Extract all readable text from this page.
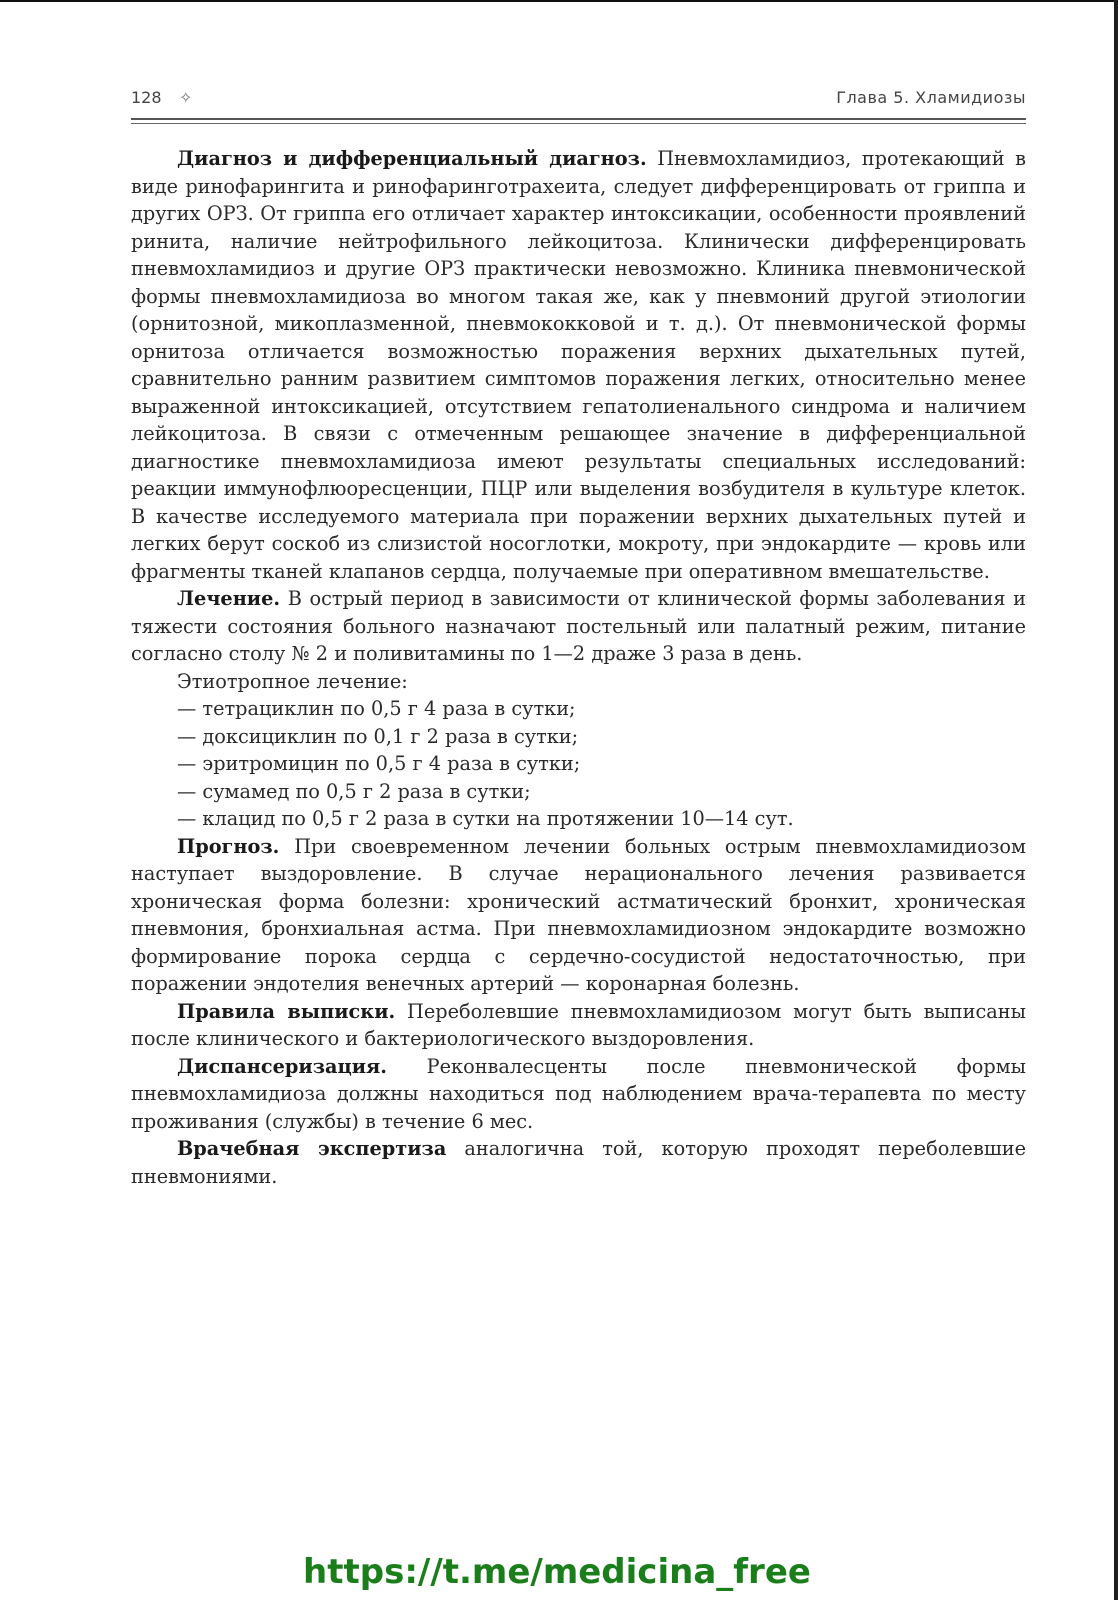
128 ✧	Глава 5. Хламидиозы

Диагноз и дифференциальный диагноз. Пневмохламидиоз, протекающий в виде ринофарингита и ринофаринготрахеита, следует дифференцировать от гриппа и других ОРЗ. От гриппа его отличает характер интоксикации, особенности проявлений ринита, наличие нейтрофильного лейкоцитоза. Клинически дифференцировать пневмохламидиоз и другие ОРЗ практически невозможно. Клиника пневмонической формы пневмохламидиоза во многом такая же, как у пневмоний другой этиологии (орнитозной, микоплазменной, пневмококковой и т. д.). От пневмонической формы орнитоза отличается возможностью поражения верхних дыхательных путей, сравнительно ранним развитием симптомов поражения легких, относительно менее выраженной интоксикацией, отсутствием гепатолиенального синдрома и наличием лейкоцитоза. В связи с отмеченным решающее значение в дифференциальной диагностике пневмохламидиоза имеют результаты специальных исследований: реакции иммунофлюоресценции, ПЦР или выделения возбудителя в культуре клеток. В качестве исследуемого материала при поражении верхних дыхательных путей и легких берут соскоб из слизистой носоглотки, мокроту, при эндокардите — кровь или фрагменты тканей клапанов сердца, получаемые при оперативном вмешательстве.

Лечение. В острый период в зависимости от клинической формы заболевания и тяжести состояния больного назначают постельный или палатный режим, питание согласно столу № 2 и поливитамины по 1—2 драже 3 раза в день.

Этиотропное лечение:

— тетрациклин по 0,5 г 4 раза в сутки;

— доксициклин по 0,1 г 2 раза в сутки;

— эритромицин по 0,5 г 4 раза в сутки;

— сумамед по 0,5 г 2 раза в сутки;

— клацид по 0,5 г 2 раза в сутки на протяжении 10—14 сут.

Прогноз. При своевременном лечении больных острым пневмохламидиозом наступает выздоровление. В случае нерационального лечения развивается хроническая форма болезни: хронический астматический бронхит, хроническая пневмония, бронхиальная астма. При пневмохламидиозном эндокардите возможно формирование порока сердца с сердечно-сосудистой недостаточностью, при поражении эндотелия венечных артерий — коронарная болезнь.

Правила выписки. Переболевшие пневмохламидиозом могут быть выписаны после клинического и бактериологического выздоровления.

Диспансеризация. Реконвалесценты после пневмонической формы пневмохламидиоза должны находиться под наблюдением врача-терапевта по месту проживания (службы) в течение 6 мес.

Врачебная экспертиза аналогична той, которую проходят переболевшие пневмониями.

https://t.me/medicina_free
